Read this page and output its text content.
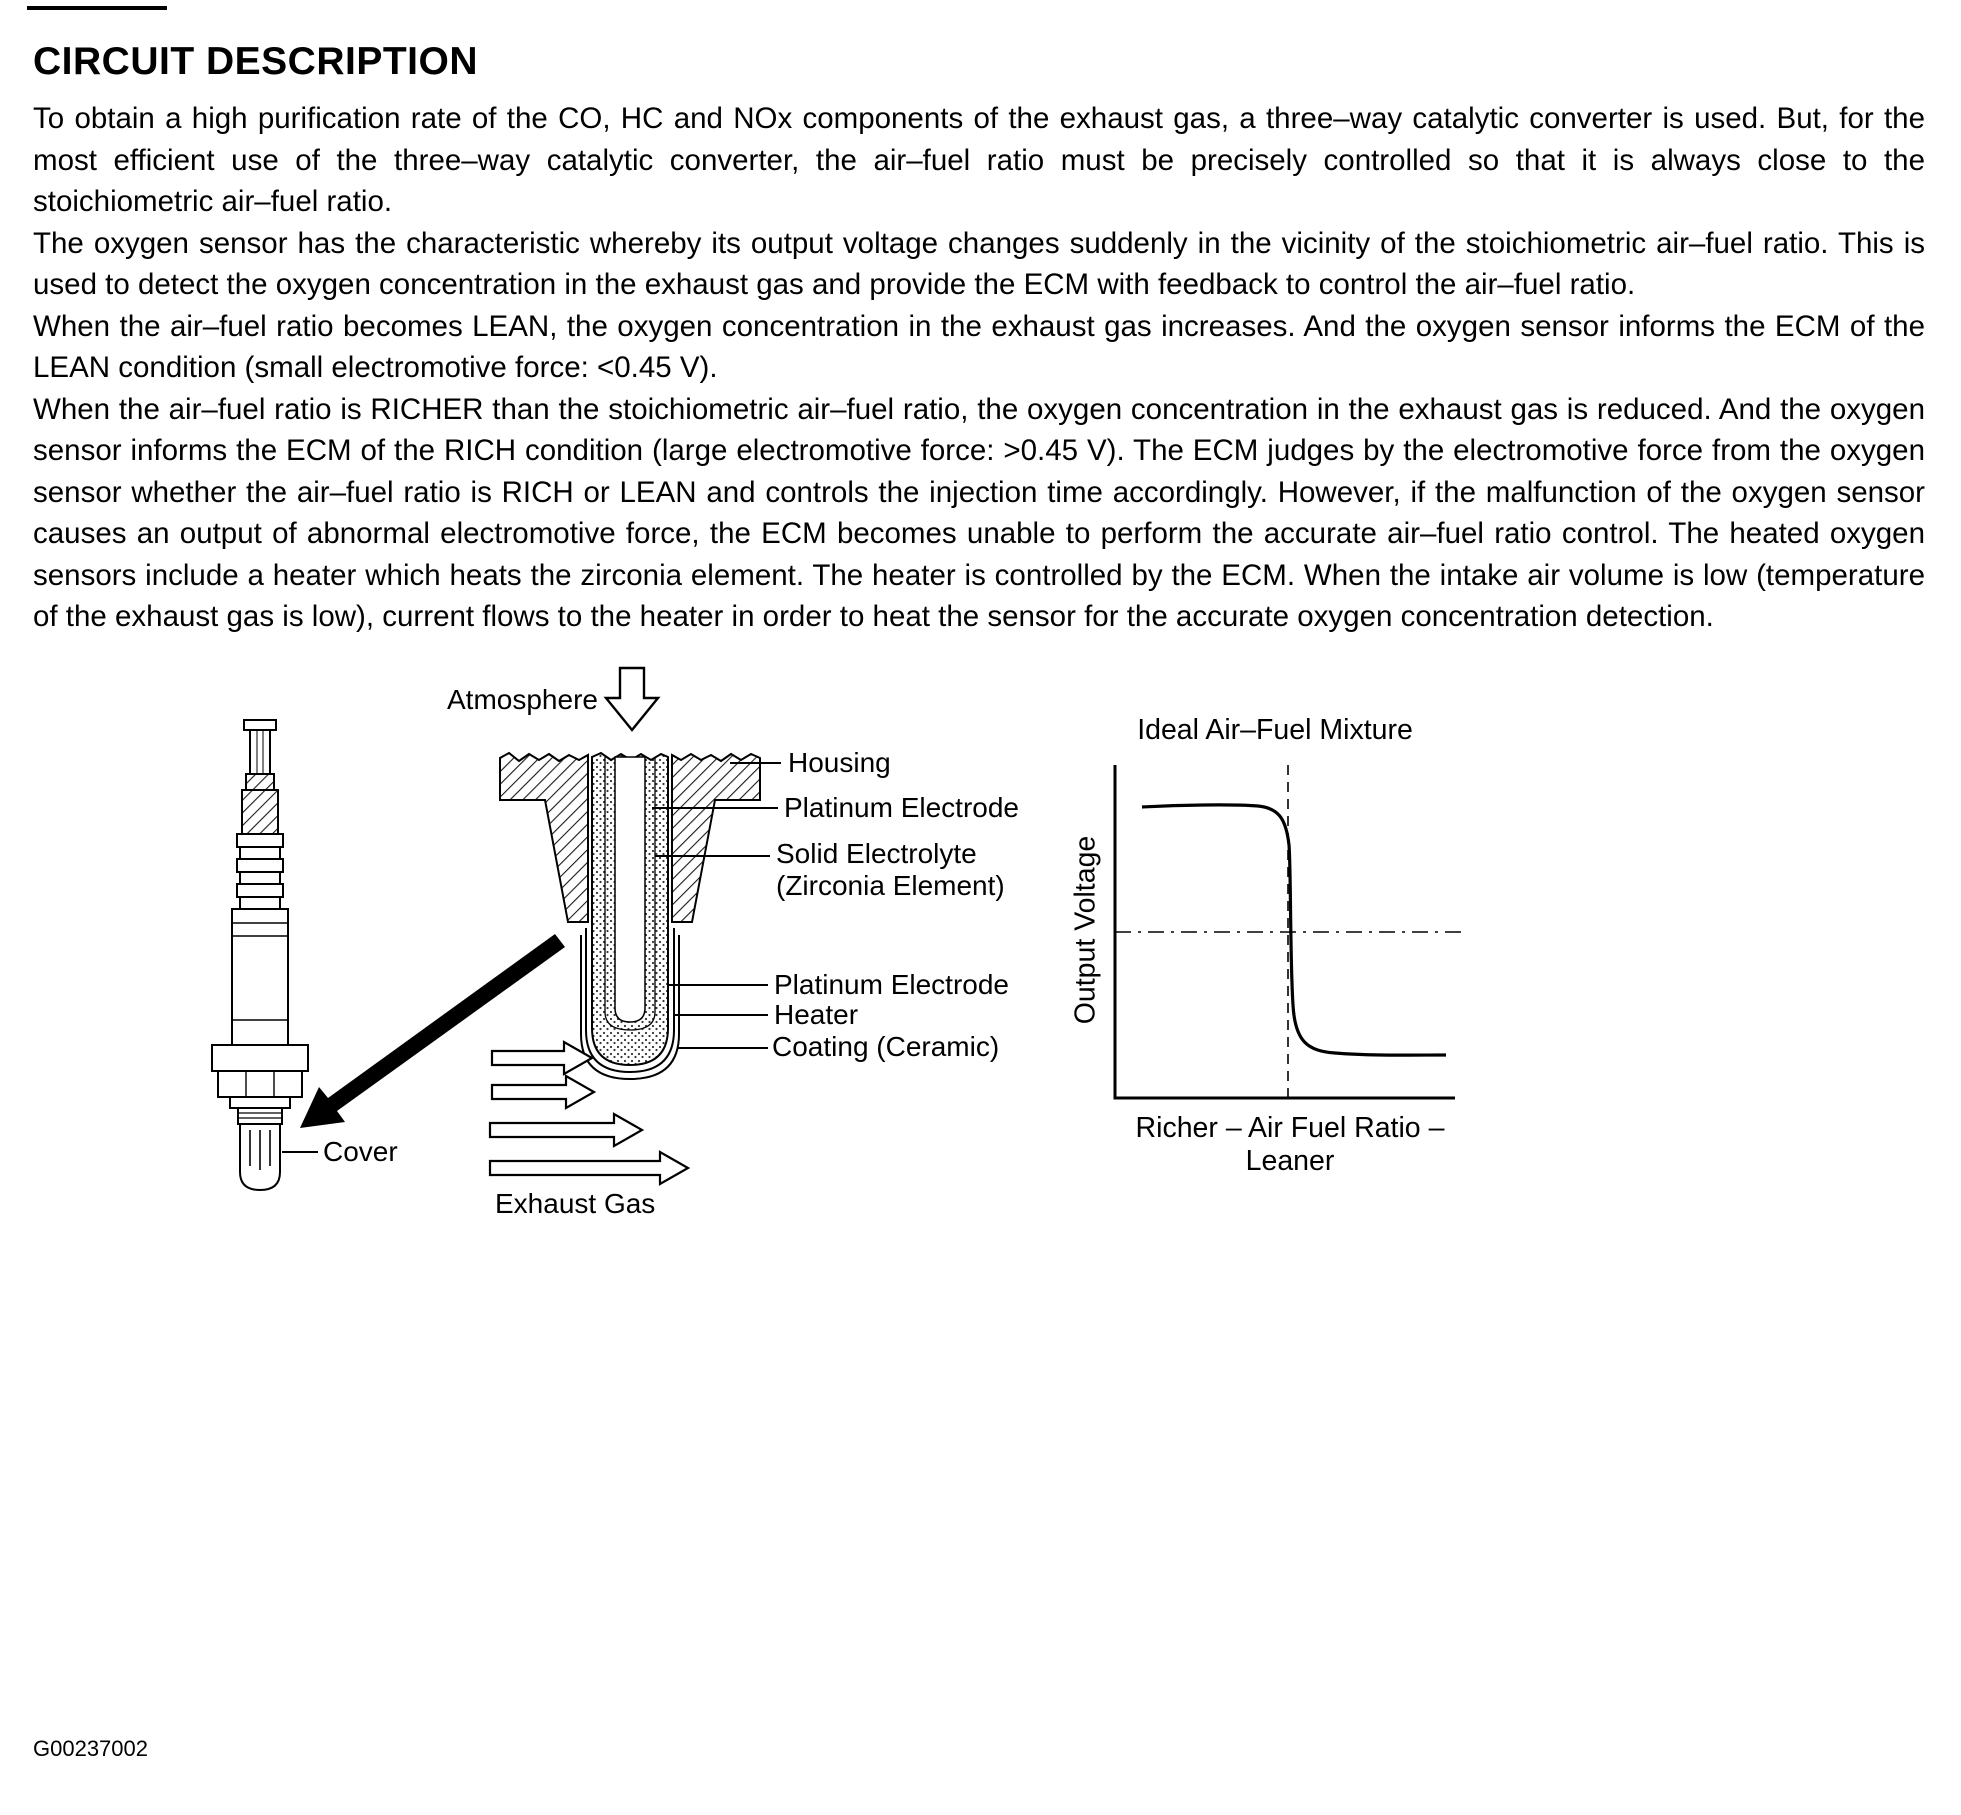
CIRCUIT DESCRIPTION

To obtain a high purification rate of the CO, HC and NOx components of the exhaust gas, a three–way catalytic converter is used. But, for the most efficient use of the three–way catalytic converter, the air–fuel ratio must be precisely controlled so that it is always close to the stoichiometric air–fuel ratio.

The oxygen sensor has the characteristic whereby its output voltage changes suddenly in the vicinity of the stoichiometric air–fuel ratio. This is used to detect the oxygen concentration in the exhaust gas and provide the ECM with feedback to control the air–fuel ratio.

When the air–fuel ratio becomes LEAN, the oxygen concentration in the exhaust gas increases. And the oxygen sensor informs the ECM of the LEAN condition (small electromotive force: <0.45 V).

When the air–fuel ratio is RICHER than the stoichiometric air–fuel ratio, the oxygen concentration in the exhaust gas is reduced. And the oxygen sensor informs the ECM of the RICH condition (large electromotive force: >0.45 V). The ECM judges by the electromotive force from the oxygen sensor whether the air–fuel ratio is RICH or LEAN and controls the injection time accordingly. However, if the malfunction of the oxygen sensor causes an output of abnormal electromotive force, the ECM becomes unable to perform the accurate air–fuel ratio control. The heated oxygen sensors include a heater which heats the zirconia element. The heater is controlled by the ECM. When the intake air volume is low (temperature of the exhaust gas is low), current flows to the heater in order to heat the sensor for the accurate oxygen concentration detection.

Atmosphere
Housing
Platinum Electrode
Solid Electrolyte
(Zirconia Element)
Platinum Electrode
Heater
Coating (Ceramic)
Cover
Exhaust Gas
Ideal Air–Fuel Mixture
Output Voltage
Richer – Air Fuel Ratio – Leaner
G00237002
